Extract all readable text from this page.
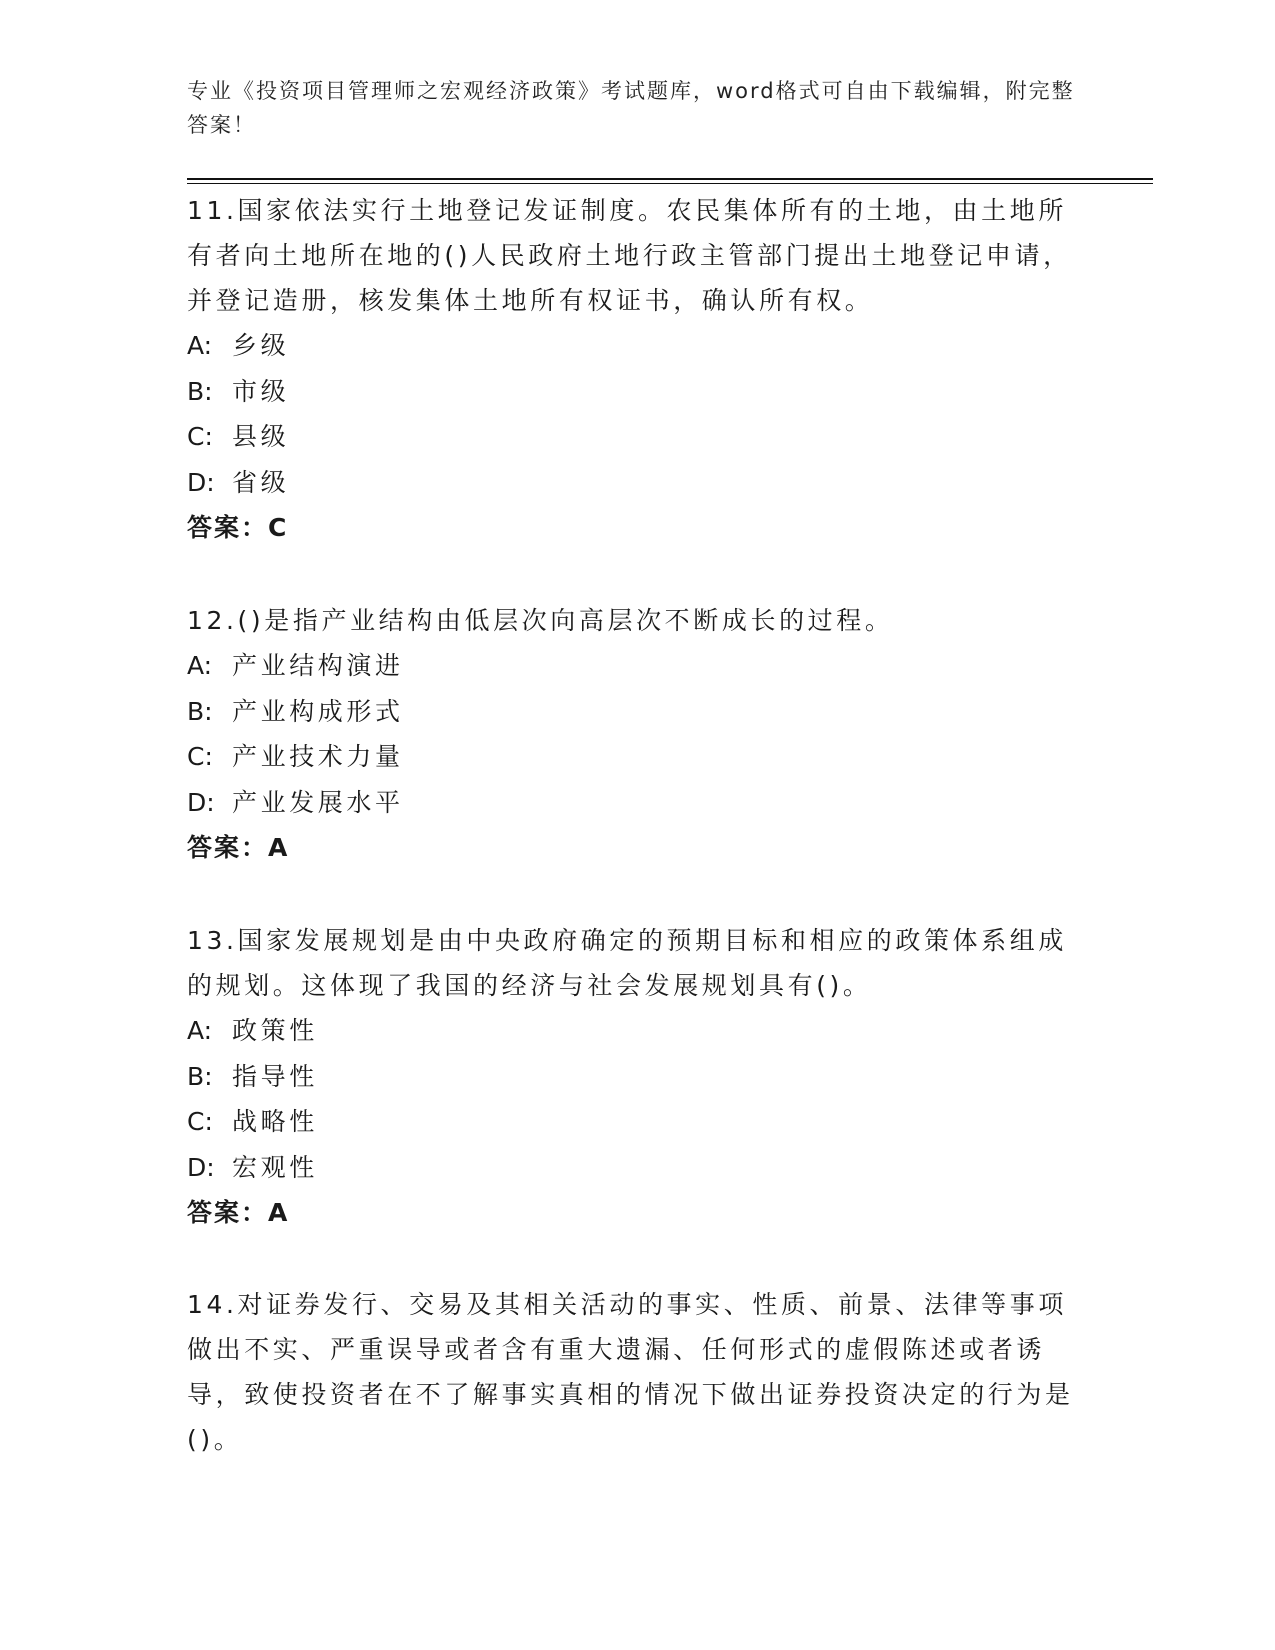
专业《投资项目管理师之宏观经济政策》考试题库，word格式可自由下载编辑，附完整答案！

11.国家依法实行土地登记发证制度。农民集体所有的土地，由土地所有者向土地所在地的()人民政府土地行政主管部门提出土地登记申请，并登记造册，核发集体土地所有权证书，确认所有权。

A: 乡级
B: 市级
C: 县级
D: 省级
答案：C

12.()是指产业结构由低层次向高层次不断成长的过程。

A: 产业结构演进
B: 产业构成形式
C: 产业技术力量
D: 产业发展水平
答案：A

13.国家发展规划是由中央政府确定的预期目标和相应的政策体系组成的规划。这体现了我国的经济与社会发展规划具有()。

A: 政策性
B: 指导性
C: 战略性
D: 宏观性
答案：A

14.对证券发行、交易及其相关活动的事实、性质、前景、法律等事项做出不实、严重误导或者含有重大遗漏、任何形式的虚假陈述或者诱导，致使投资者在不了解事实真相的情况下做出证券投资决定的行为是()。
